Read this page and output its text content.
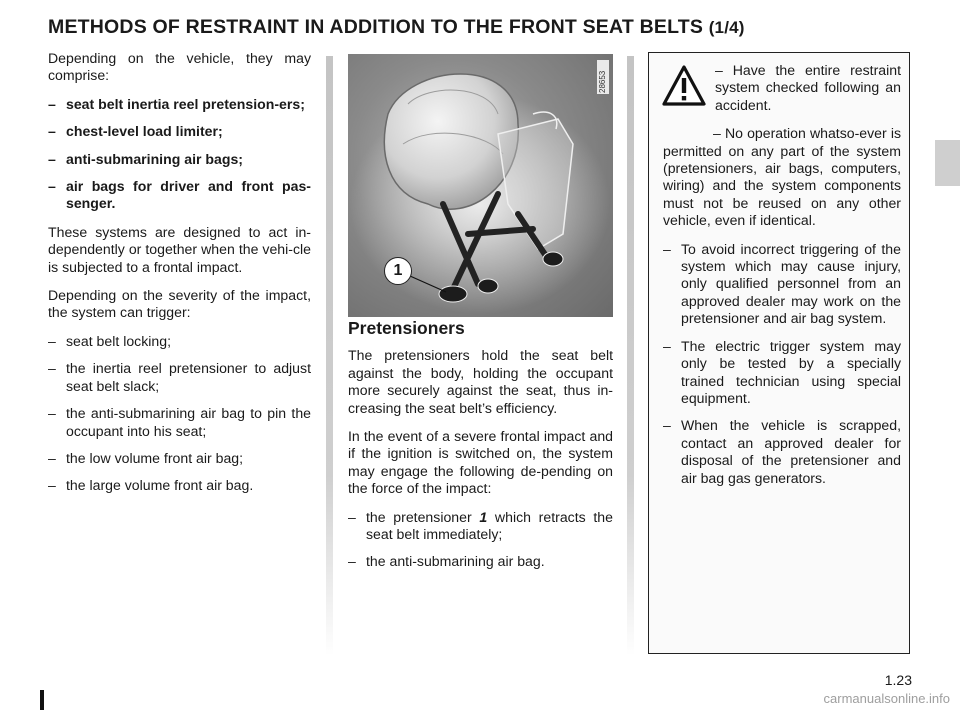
METHODS OF RESTRAINT IN ADDITION TO THE FRONT SEAT BELTS (1/4)

Depending on the vehicle, they may comprise:

– seat belt inertia reel pretension-ers;
– chest-level load limiter;
– anti-submarining air bags;
– air bags for driver and front pas-senger.

These systems are designed to act in-dependently or together when the vehi-cle is subjected to a frontal impact.

Depending on the severity of the impact, the system can trigger:

– seat belt locking;
– the inertia reel pretensioner to adjust seat belt slack;
– the anti-submarining air bag to pin the occupant into his seat;
– the low volume front air bag;
– the large volume front air bag.
28653
1
Pretensioners

The pretensioners hold the seat belt against the body, holding the occupant more securely against the seat, thus in-creasing the seat belt’s efficiency.

In the event of a severe frontal impact and if the ignition is switched on, the system may engage the following de-pending on the force of the impact:

– the pretensioner 1 which retracts the seat belt immediately;
– the anti-submarining air bag.

– Have the entire restraint system checked following an accident.

– No operation whatso-ever is permitted on any part of the system (pretensioners, air bags, computers, wiring) and the system components must not be reused on any other vehicle, even if identical.

– To avoid incorrect triggering of the system which may cause injury, only qualified personnel from an approved dealer may work on the pretensioner and air bag system.
– The electric trigger system may only be tested by a specially trained technician using special equipment.
– When the vehicle is scrapped, contact an approved dealer for disposal of the pretensioner and air bag gas generators.
1.23
carmanualsonline.info
